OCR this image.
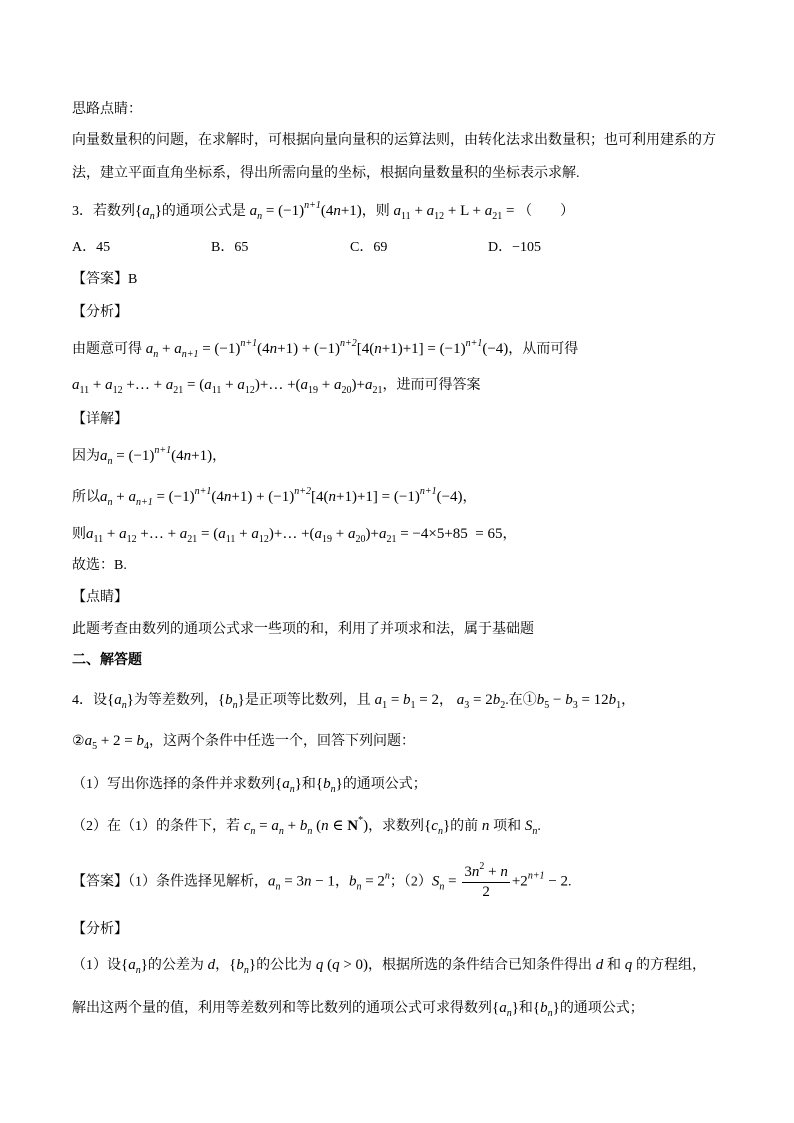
思路点睛：

向量数量积的问题，在求解时，可根据向量向量积的运算法则，由转化法求出数量积；也可利用建系的方

法，建立平面直角坐标系，得出所需向量的坐标，根据向量数量积的坐标表示求解.

3．若数列$\{a_n\}$的通项公式是 $a_n = (-1)^{n+1}(4n+1)$，则 $a_{11} + a_{12} + L + a_{21}$ = （　　）

A．45	B．65	C．69	D．−105

【答案】B

【分析】

由题意可得 $a_n + a_{n+1} = (-1)^{n+1}(4n+1) + (-1)^{n+2}[4(n+1)+1] = (-1)^{n+1}(-4)$，从而可得

$a_{11} + a_{12}$ +… + $a_{21} = (a_{11}$ + $a_{12})+\dots +(a_{19} + a_{20})+a_{21}$，进而可得答案

【详解】

因为$a_n = (-1)^{n+1}(4n+1)$，

所以$a_n + a_{n+1} = (-1)^{n+1}(4n+1) + (-1)^{n+2}[4(n+1)+1] = (-1)^{n+1}(-4)$，

则$a_{11} + a_{12}$ +… + $a_{21} = (a_{11}$ + $a_{12})+\dots +(a_{19} + a_{20})+a_{21} = -4\times 5+85 = 65$，

故选：B.

【点睛】

此题考查由数列的通项公式求一些项的和，利用了并项求和法，属于基础题

二、解答题

4．设$\{a_n\}$为等差数列，$\{b_n\}$是正项等比数列，且 $a_1 = b_1 = 2$， $a_3 = 2b_2$.在$①b_5 - b_3 = 12b_1$，

$②a_5 + 2 = b_4$，这两个条件中任选一个，回答下列问题：

（1）写出你选择的条件并求数列$\{a_n\}$和$\{b_n\}$的通项公式；

（2）在（1）的条件下，若 $c_n = a_n + b_n$ (n ∈ N*)，求数列$\{c_n\}$的前 n 项和 $S_n$.

【答案】（1）条件选择见解析，$a_n = 3n - 1$，$b_n = 2^n$；$(2)S_n = \frac{3n^2 + n}{2} +2^{n+1} - 2$.

【分析】

（1）设$\{a_n\}$的公差为 d，$\{b_n\}$的公比为 q (q > 0)，根据所选的条件结合已知条件得出 d 和 q 的方程组，

解出这两个量的值，利用等差数列和等比数列的通项公式可求得数列$\{a_n\}$和$\{b_n\}$的通项公式；
